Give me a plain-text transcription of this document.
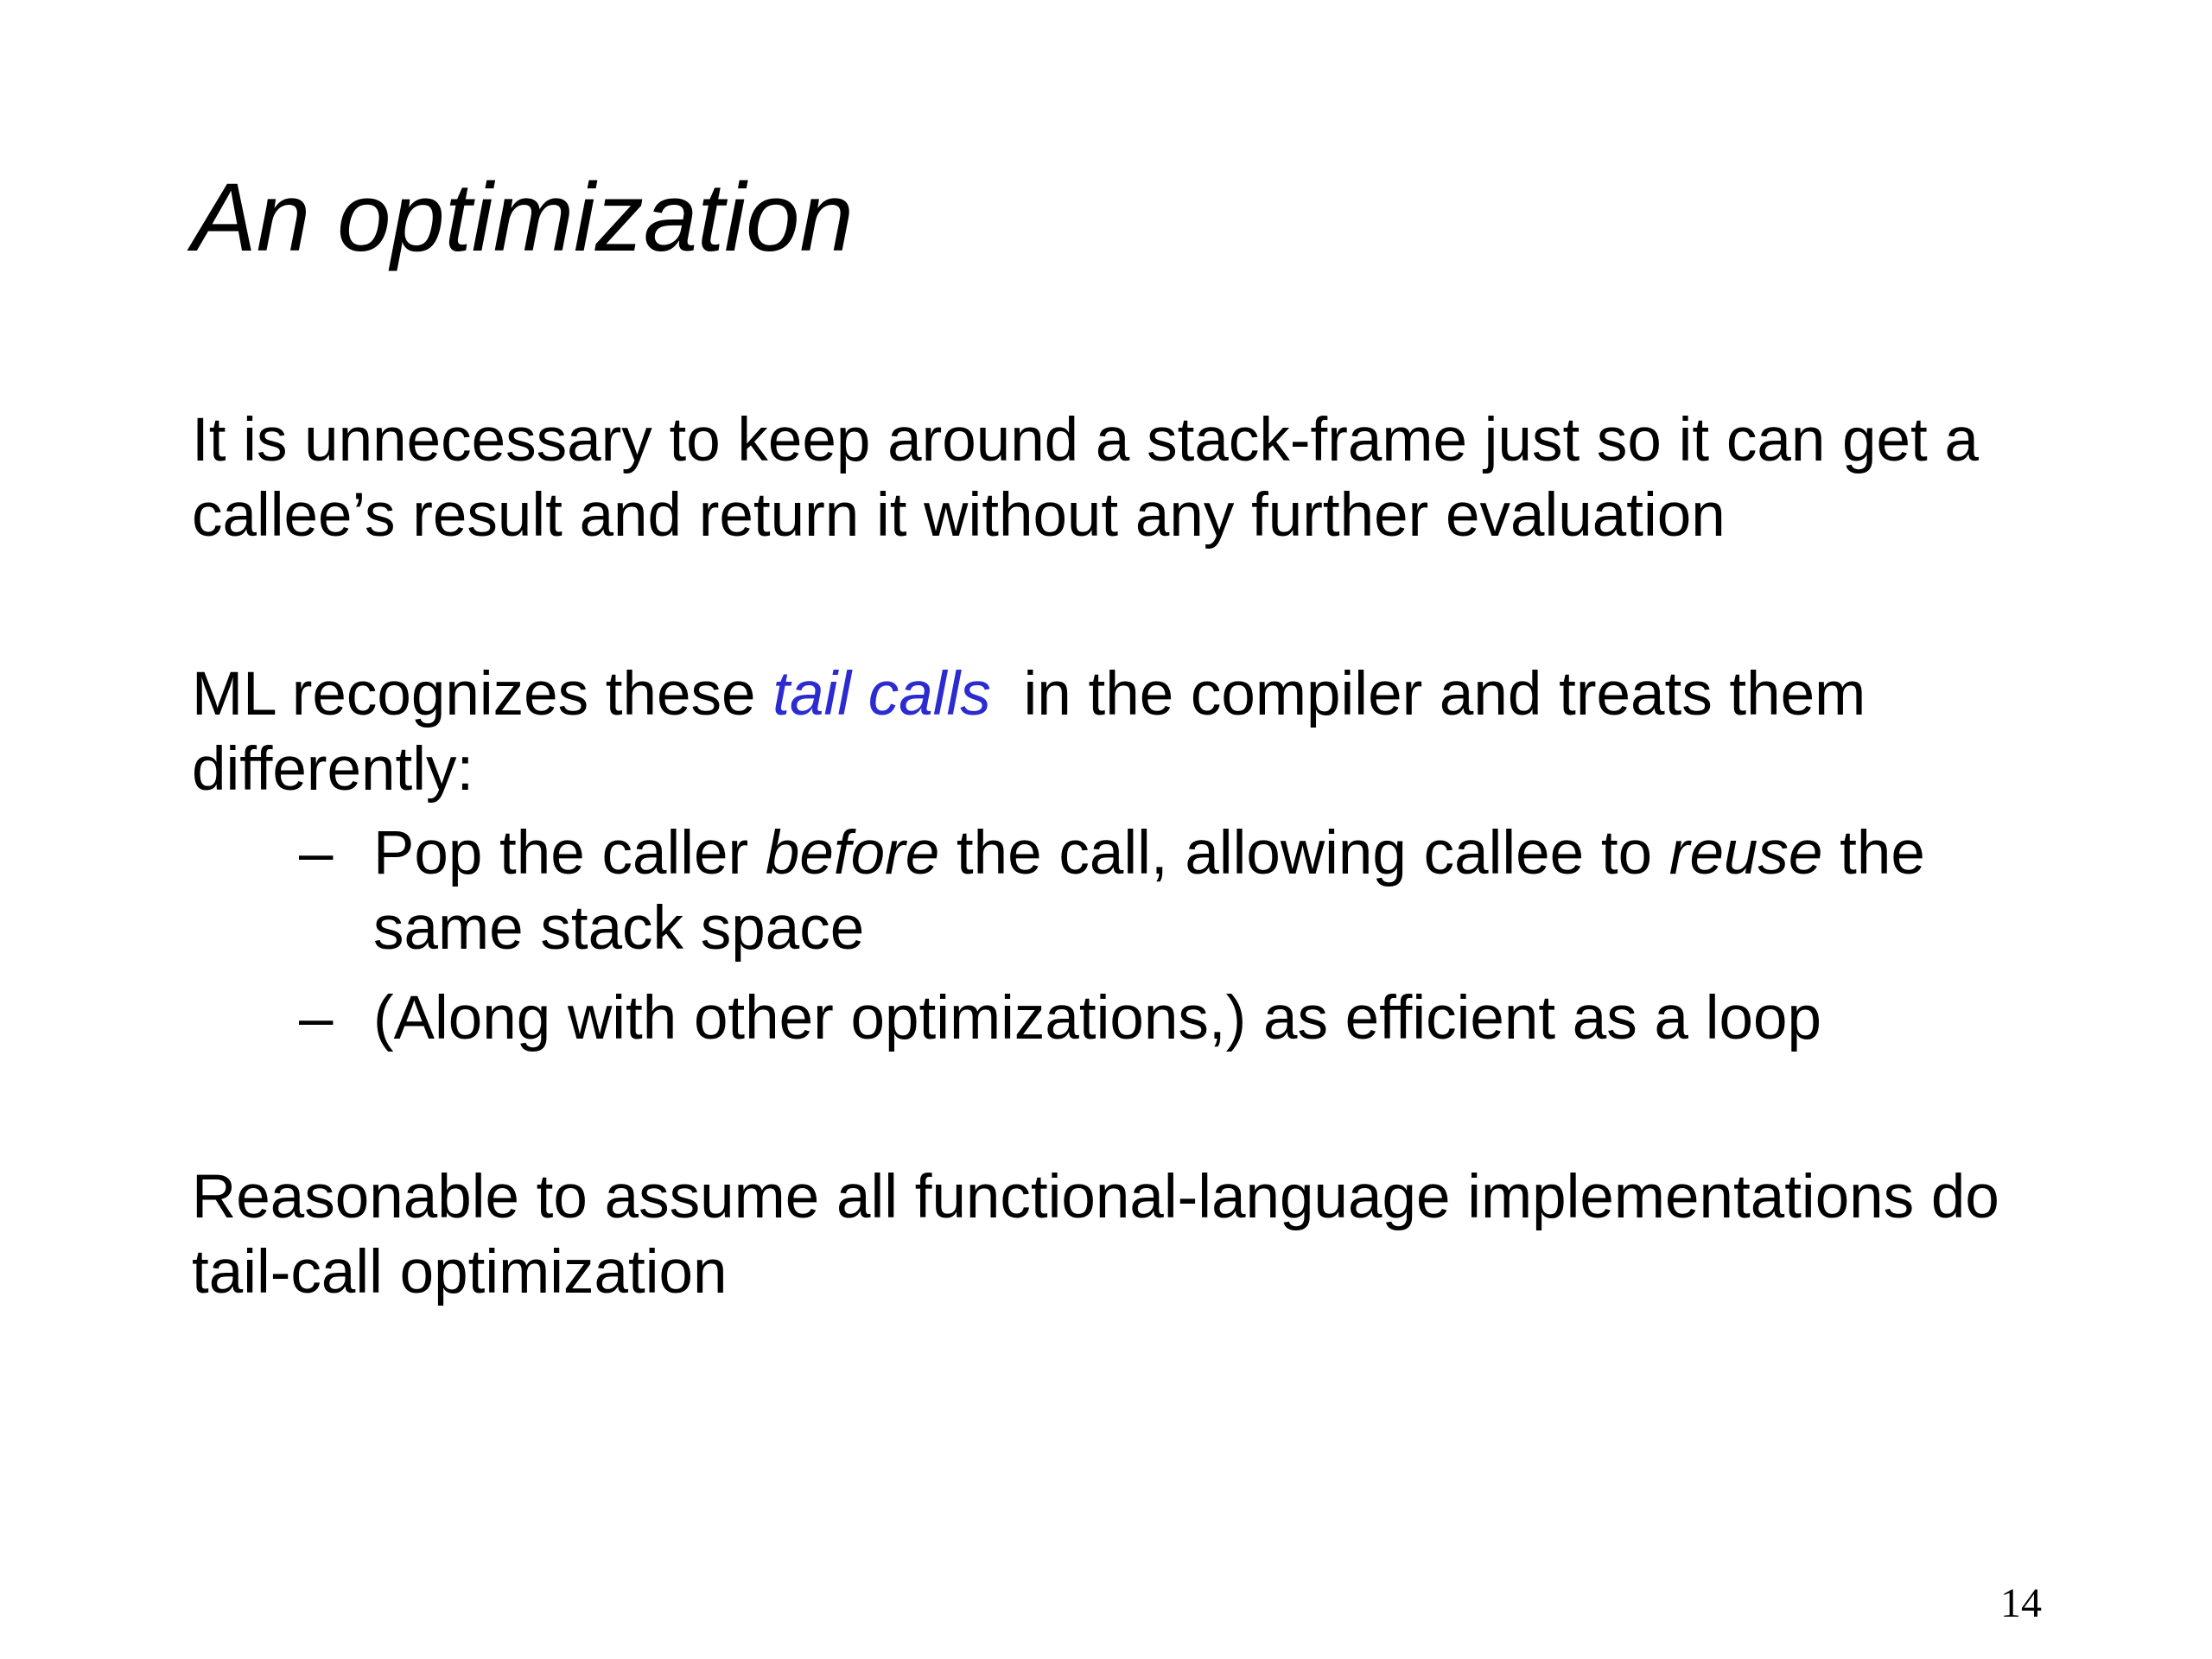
An optimization

It is unnecessary to keep around a stack-frame just so it can get a callee’s result and return it without any further evaluation

ML recognizes these tail calls in the compiler and treats them differently:

– Pop the caller before the call, allowing callee to reuse the same stack space
– (Along with other optimizations,) as efficient as a loop

Reasonable to assume all functional-language implementations do tail-call optimization

14
